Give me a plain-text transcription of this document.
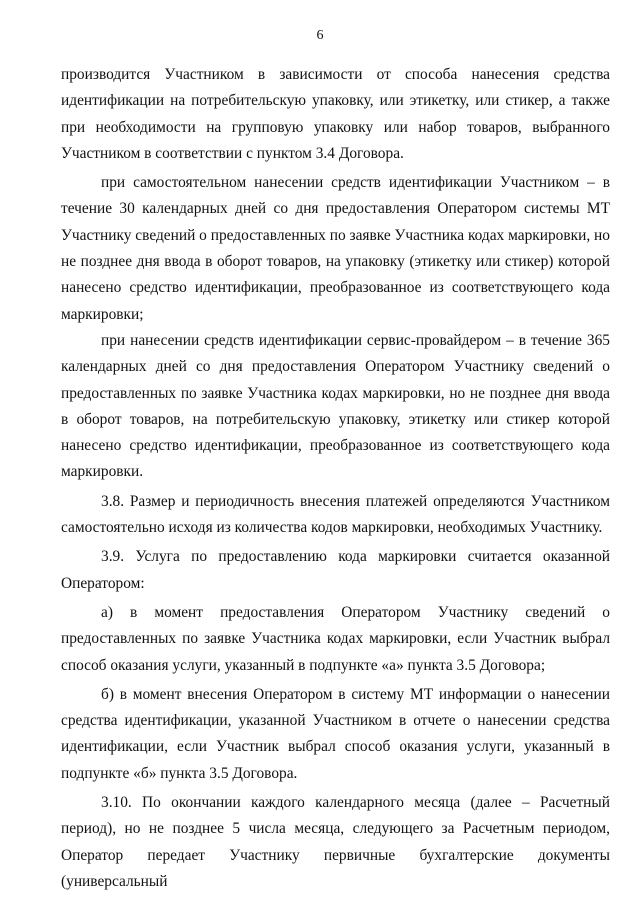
6

производится Участником в зависимости от способа нанесения средства идентификации на потребительскую упаковку, или этикетку, или стикер, а также при необходимости на групповую упаковку или набор товаров, выбранного Участником в соответствии с пунктом 3.4 Договора.

при самостоятельном нанесении средств идентификации Участником – в течение 30 календарных дней со дня предоставления Оператором системы МТ Участнику сведений о предоставленных по заявке Участника кодах маркировки, но не позднее дня ввода в оборот товаров, на упаковку (этикетку или стикер) которой нанесено средство идентификации, преобразованное из соответствующего кода маркировки;

при нанесении средств идентификации сервис-провайдером – в течение 365 календарных дней со дня предоставления Оператором Участнику сведений о предоставленных по заявке Участника кодах маркировки, но не позднее дня ввода в оборот товаров, на потребительскую упаковку, этикетку или стикер которой нанесено средство идентификации, преобразованное из соответствующего кода маркировки.

3.8. Размер и периодичность внесения платежей определяются Участником самостоятельно исходя из количества кодов маркировки, необходимых Участнику.

3.9. Услуга по предоставлению кода маркировки считается оказанной Оператором:

а) в момент предоставления Оператором Участнику сведений о предоставленных по заявке Участника кодах маркировки, если Участник выбрал способ оказания услуги, указанный в подпункте «а» пункта 3.5 Договора;

б) в момент внесения Оператором в систему МТ информации о нанесении средства идентификации, указанной Участником в отчете о нанесении средства идентификации, если Участник выбрал способ оказания услуги, указанный в подпункте «б» пункта 3.5 Договора.

3.10. По окончании каждого календарного месяца (далее – Расчетный период), но не позднее 5 числа месяца, следующего за Расчетным периодом, Оператор передает Участнику первичные бухгалтерские документы (универсальный
